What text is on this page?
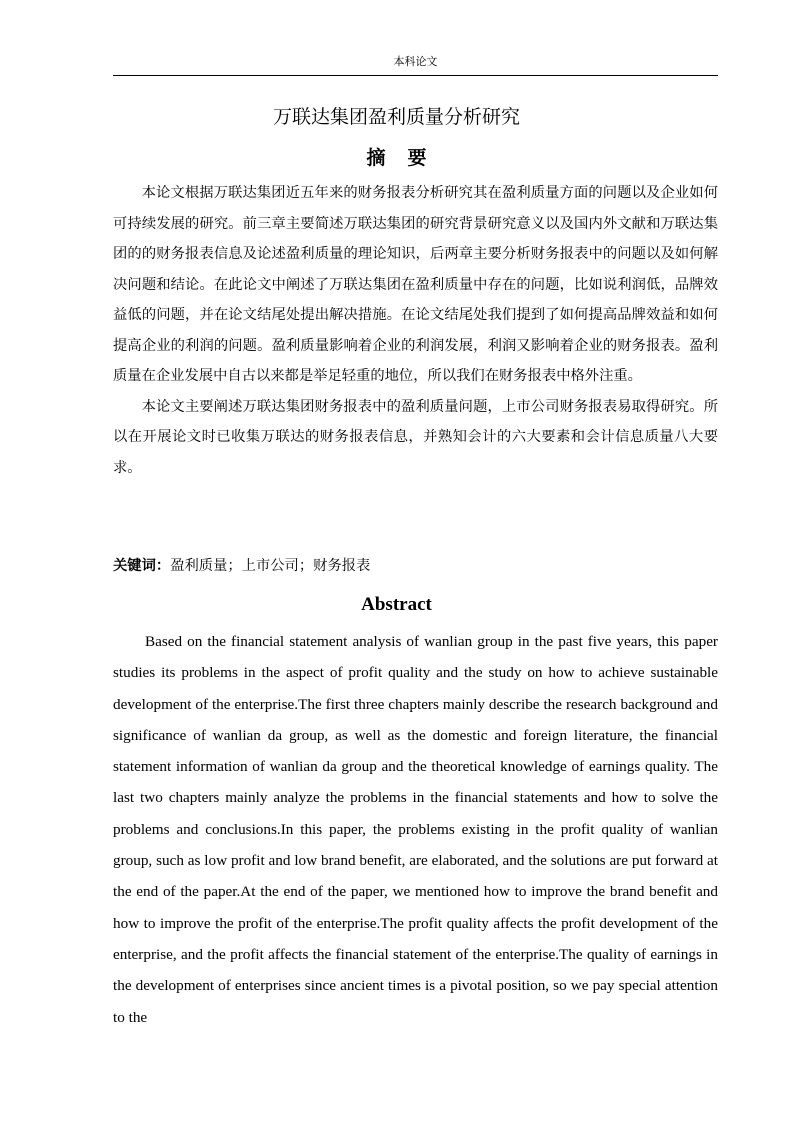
本科论文
万联达集团盈利质量分析研究
摘要

本论文根据万联达集团近五年来的财务报表分析研究其在盈利质量方面的问题以及企业如何可持续发展的研究。前三章主要简述万联达集团的研究背景研究意义以及国内外文献和万联达集团的的财务报表信息及论述盈利质量的理论知识，后两章主要分析财务报表中的问题以及如何解决问题和结论。在此论文中阐述了万联达集团在盈利质量中存在的问题，比如说利润低，品牌效益低的问题，并在论文结尾处提出解决措施。在论文结尾处我们提到了如何提高品牌效益和如何提高企业的利润的问题。盈利质量影响着企业的利润发展，利润又影响着企业的财务报表。盈利质量在企业发展中自古以来都是举足轻重的地位，所以我们在财务报表中格外注重。

本论文主要阐述万联达集团财务报表中的盈利质量问题，上市公司财务报表易取得研究。所以在开展论文时已收集万联达的财务报表信息，并熟知会计的六大要素和会计信息质量八大要求。

关键词：盈利质量；上市公司；财务报表
Abstract

Based on the financial statement analysis of wanlian group in the past five years, this paper studies its problems in the aspect of profit quality and the study on how to achieve sustainable development of the enterprise.The first three chapters mainly describe the research background and significance of wanlian da group, as well as the domestic and foreign literature, the financial statement information of wanlian da group and the theoretical knowledge of earnings quality. The last two chapters mainly analyze the problems in the financial statements and how to solve the problems and conclusions.In this paper, the problems existing in the profit quality of wanlian group, such as low profit and low brand benefit, are elaborated, and the solutions are put forward at the end of the paper.At the end of the paper, we mentioned how to improve the brand benefit and how to improve the profit of the enterprise.The profit quality affects the profit development of the enterprise, and the profit affects the financial statement of the enterprise.The quality of earnings in the development of enterprises since ancient times is a pivotal position, so we pay special attention to the
